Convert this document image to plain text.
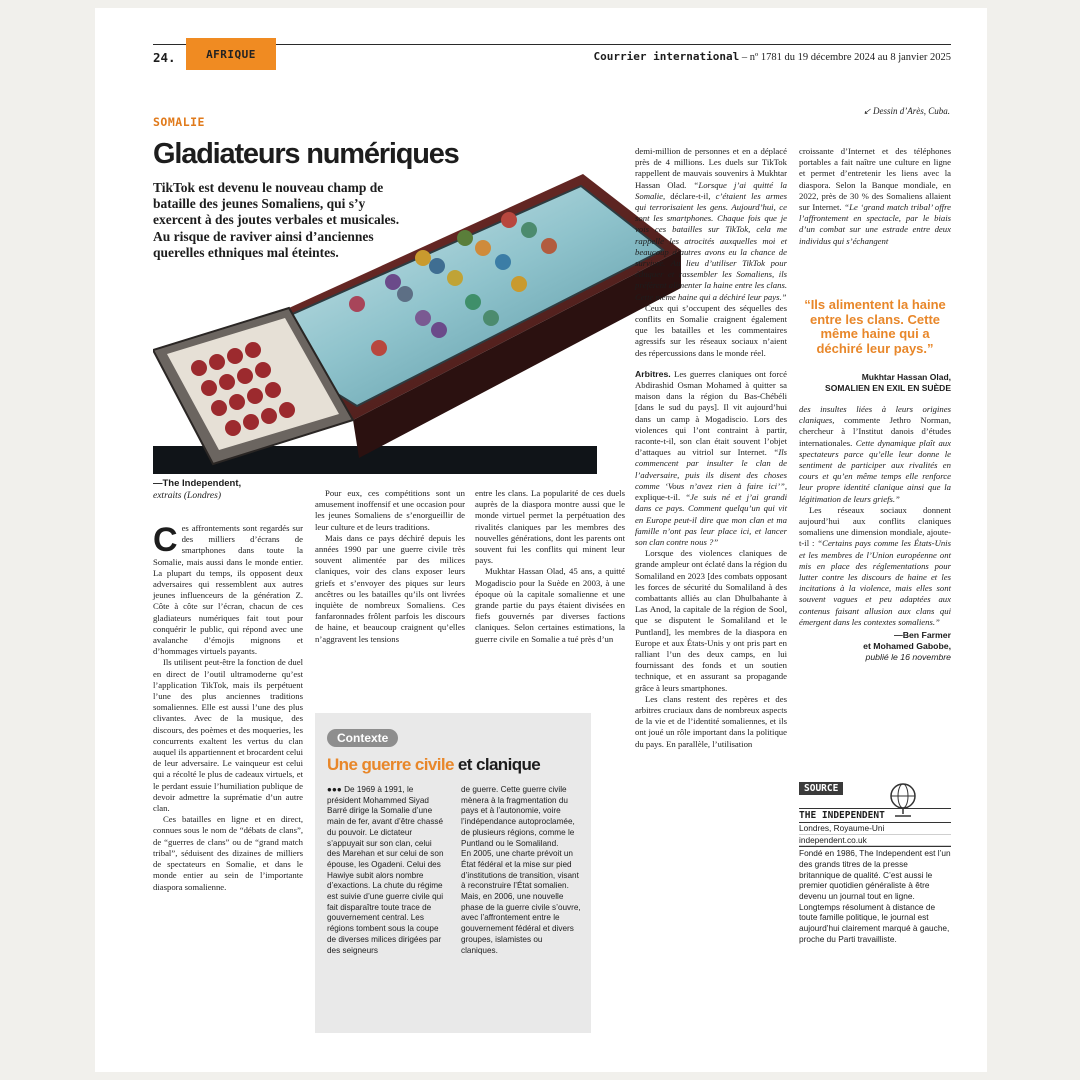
24.	AFRIQUE	Courrier international – nº 1781 du 19 décembre 2024 au 8 janvier 2025
SOMALIE
Gladiateurs numériques
TikTok est devenu le nouveau champ de bataille des jeunes Somaliens, qui s’y exercent à des joutes verbales et musicales. Au risque de raviver ainsi d’anciennes querelles ethniques mal éteintes.
↙ Dessin d’Arès, Cuba.
—The Independent,
extraits (Londres)

Ces affrontements sont regardés sur des milliers d’écrans de smartphones dans toute la Somalie, mais aussi dans le monde entier. La plupart du temps, ils opposent deux adversaires qui ressemblent aux autres jeunes influenceurs de la génération Z. Côte à côte sur l’écran, chacun de ces gladiateurs numériques fait tout pour conquérir le public, qui répond avec une avalanche d’émojis mignons et d’hommages virtuels payants.

Ils utilisent peut-être la fonction de duel en direct de l’outil ultramoderne qu’est l’application TikTok, mais ils perpétuent l’une des plus anciennes traditions somaliennes. Elle est aussi l’une des plus clivantes. Avec de la musique, des discours, des poèmes et des moqueries, les concurrents exaltent les vertus du clan auquel ils appartiennent et brocardent celui de leur adversaire. Le vainqueur est celui qui a récolté le plus de cadeaux virtuels, et le perdant essuie l’humiliation publique de devoir admettre la suprématie d’un autre clan.

Ces batailles en ligne et en direct, connues sous le nom de “débats de clans”, de “guerres de clans” ou de “grand match tribal”, séduisent des dizaines de milliers de spectateurs en Somalie, et dans le monde entier au sein de l’importante diaspora somalienne.

Pour eux, ces compétitions sont un amusement inoffensif et une occasion pour les jeunes Somaliens de s’enorgueillir de leur culture et de leurs traditions.

Mais dans ce pays déchiré depuis les années 1990 par une guerre civile très souvent alimentée par des milices claniques, voir des clans exposer leurs griefs et s’envoyer des piques sur leurs ancêtres ou les batailles qu’ils ont livrées inquiète de nombreux Somaliens. Ces fanfaronnades frôlent parfois les discours de haine, et beaucoup craignent qu’elles n’aggravent les tensions

entre les clans. La popularité de ces duels auprès de la diaspora montre aussi que le monde virtuel permet la perpétuation des rivalités claniques par les membres des nouvelles générations, dont les parents ont souvent fui les conflits qui minent leur pays.

Mukhtar Hassan Olad, 45 ans, a quitté Mogadiscio pour la Suède en 2003, à une époque où la capitale somalienne et une grande partie du pays étaient divisées en fiefs gouvernés par diverses factions claniques. Selon certaines estimations, la guerre civile en Somalie a tué près d’un

demi-million de personnes et en a déplacé près de 4 millions. Les duels sur TikTok rappellent de mauvais souvenirs à Mukhtar Hassan Olad. “Lorsque j’ai quitté la Somalie, déclare-t-il, c’étaient les armes qui terrorisaient les gens. Aujourd’hui, ce sont les smartphones. Chaque fois que je vois ces batailles sur TikTok, cela me rappelle les atrocités auxquelles moi et beaucoup d’autres avons eu la chance de survivre. Au lieu d’utiliser TikTok pour éduquer et rassembler les Somaliens, ils préfèrent alimenter la haine entre les clans. Cette même haine qui a déchiré leur pays.”

Ceux qui s’occupent des séquelles des conflits en Somalie craignent également que les batailles et les commentaires agressifs sur les réseaux sociaux n’aient des répercussions dans le monde réel.

Arbitres. Les guerres claniques ont forcé Abdirashid Osman Mohamed à quitter sa maison dans la région du Bas-Chébéli [dans le sud du pays]. Il vit aujourd’hui dans un camp à Mogadiscio. Lors des violences qui l’ont contraint à partir, raconte-t-il, son clan était souvent l’objet d’attaques au vitriol sur Internet. “Ils commencent par insulter le clan de l’adversaire, puis ils disent des choses comme ‘Vous n’avez rien à faire ici’”, explique-t-il. “Je suis né et j’ai grandi dans ce pays. Comment quelqu’un qui vit en Europe peut-il dire que mon clan et ma famille n’ont pas leur place ici, et lancer son clan contre nous ?”

Lorsque des violences claniques de grande ampleur ont éclaté dans la région du Somaliland en 2023 [des combats opposant les forces de sécurité du Somaliland à des combattants alliés au clan Dhulbahante à Las Anod, la capitale de la région de Sool, que se disputent le Somaliland et le Puntland], les membres de la diaspora en Europe et aux États-Unis y ont pris part en ralliant l’un des deux camps, en lui fournissant des fonds et un soutien technique, et en assurant sa propagande grâce à leurs smartphones.

Les clans restent des repères et des arbitres cruciaux dans de nombreux aspects de la vie et de l’identité somaliennes, et ils ont joué un rôle important dans la politique du pays. En parallèle, l’utilisation

croissante d’Internet et des téléphones portables a fait naître une culture en ligne et permet d’entretenir les liens avec la diaspora. Selon la Banque mondiale, en 2022, près de 30 % des Somaliens allaient sur Internet. “Le ‘grand match tribal’ offre l’affrontement en spectacle, par le biais d’un combat sur une estrade entre deux individus qui s’échangent

“Ils alimentent la haine entre les clans. Cette même haine qui a déchiré leur pays.”
Mukhtar Hassan Olad,
SOMALIEN EN EXIL EN SUÈDE

des insultes liées à leurs origines claniques, commente Jethro Norman, chercheur à l’Institut danois d’études internationales. Cette dynamique plaît aux spectateurs parce qu’elle leur donne le sentiment de participer aux rivalités en cours et qu’en même temps elle renforce leur propre identité clanique ainsi que la légitimation de leurs griefs.”

Les réseaux sociaux donnent aujourd’hui aux conflits claniques somaliens une dimension mondiale, ajoute-t-il : “Certains pays comme les États-Unis et les membres de l’Union européenne ont mis en place des réglementations pour lutter contre les discours de haine et les incitations à la violence, mais elles sont souvent vagues et peu adaptées aux contenus faisant allusion aux clans qui émergent dans les contextes somaliens.”

—Ben Farmer
et Mohamed Gabobe,
publié le 16 novembre
Contexte
Une guerre civile et clanique
●●● De 1969 à 1991, le président Mohammed Siyad Barré dirige la Somalie d’une main de fer, avant d’être chassé du pouvoir. Le dictateur s’appuyait sur son clan, celui des Marehan et sur celui de son épouse, les Ogadeni. Celui des Hawiye subit alors nombre d’exactions. La chute du régime est suivie d’une guerre civile qui fait disparaître toute trace de gouvernement central. Les régions tombent sous la coupe de diverses milices dirigées par des seigneurs
de guerre. Cette guerre civile mènera à la fragmentation du pays et à l’autonomie, voire l’indépendance autoproclamée, de plusieurs régions, comme le Puntland ou le Somaliland.
En 2005, une charte prévoit un État fédéral et la mise sur pied d’institutions de transition, visant à reconstruire l’État somalien. Mais, en 2006, une nouvelle phase de la guerre civile s’ouvre, avec l’affrontement entre le gouvernement fédéral et divers groupes, islamistes ou claniques.
SOURCE
THE INDEPENDENT
Londres, Royaume-Uni
independent.co.uk
Fondé en 1986, The Independent est l’un des grands titres de la presse britannique de qualité. C’est aussi le premier quotidien généraliste à être devenu un journal tout en ligne. Longtemps résolument à distance de toute famille politique, le journal est aujourd’hui clairement marqué à gauche, proche du Parti travailliste.
